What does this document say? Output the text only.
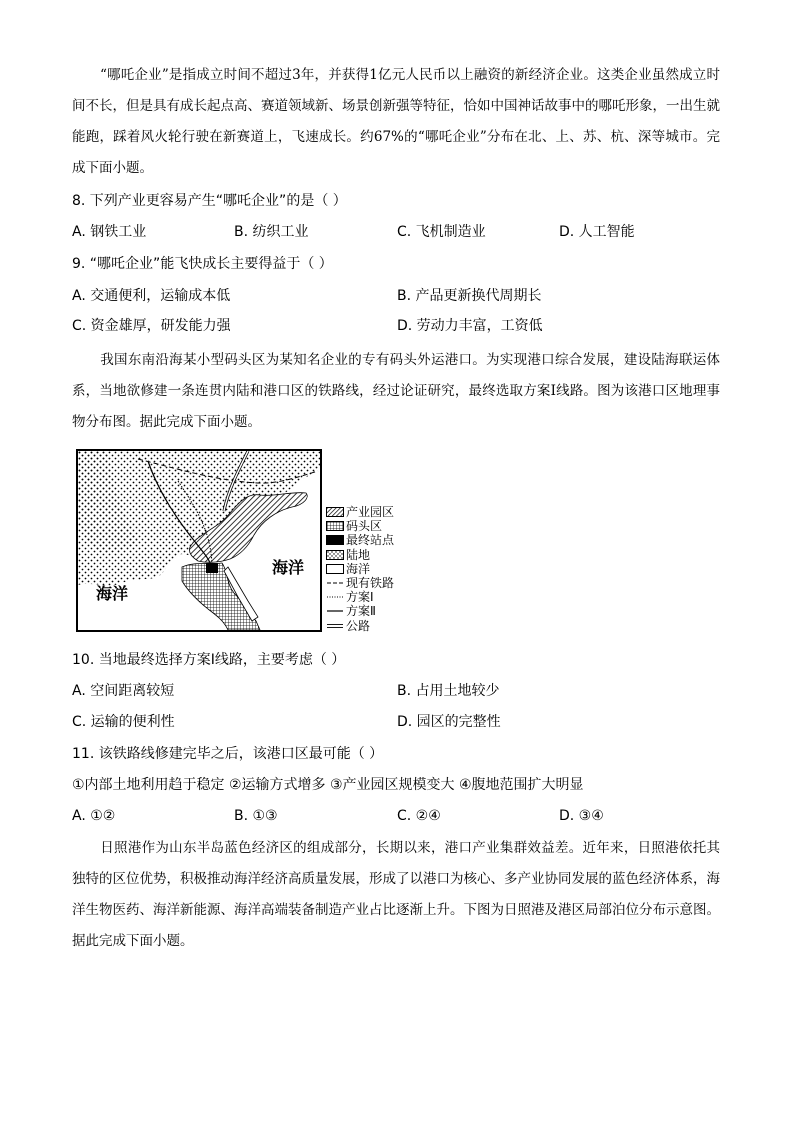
“哪吒企业”是指成立时间不超过3年，并获得1亿元人民币以上融资的新经济企业。这类企业虽然成立时间不长，但是具有成长起点高、赛道领域新、场景创新强等特征，恰如中国神话故事中的哪吒形象，一出生就能跑，踩着风火轮行驶在新赛道上，飞速成长。约67%的“哪吒企业”分布在北、上、苏、杭、深等城市。完成下面小题。
8. 下列产业更容易产生“哪吒企业”的是（ ）
A. 钢铁工业	B. 纺织工业	C. 飞机制造业	D. 人工智能
9. “哪吒企业”能飞快成长主要得益于（ ）
A. 交通便利，运输成本低	B. 产品更新换代周期长
C. 资金雄厚，研发能力强	D. 劳动力丰富，工资低
我国东南沿海某小型码头区为某知名企业的专有码头外运港口。为实现港口综合发展，建设陆海联运体系，当地欲修建一条连贯内陆和港口区的铁路线，经过论证研究，最终选取方案Ⅰ线路。图为该港口区地理事物分布图。据此完成下面小题。
海洋
海洋
产业园区
码头区
最终站点
陆地
海洋
现有铁路
方案Ⅰ
方案Ⅱ
公路
10. 当地最终选择方案Ⅰ线路，主要考虑（ ）
A. 空间距离较短	B. 占用土地较少
C. 运输的便利性	D. 园区的完整性
11. 该铁路线修建完毕之后，该港口区最可能（ ）
①内部土地利用趋于稳定 ②运输方式增多 ③产业园区规模变大 ④腹地范围扩大明显
A. ①②	B. ①③	C. ②④	D. ③④
日照港作为山东半岛蓝色经济区的组成部分，长期以来，港口产业集群效益差。近年来，日照港依托其独特的区位优势，积极推动海洋经济高质量发展，形成了以港口为核心、多产业协同发展的蓝色经济体系，海洋生物医药、海洋新能源、海洋高端装备制造产业占比逐渐上升。下图为日照港及港区局部泊位分布示意图。据此完成下面小题。
